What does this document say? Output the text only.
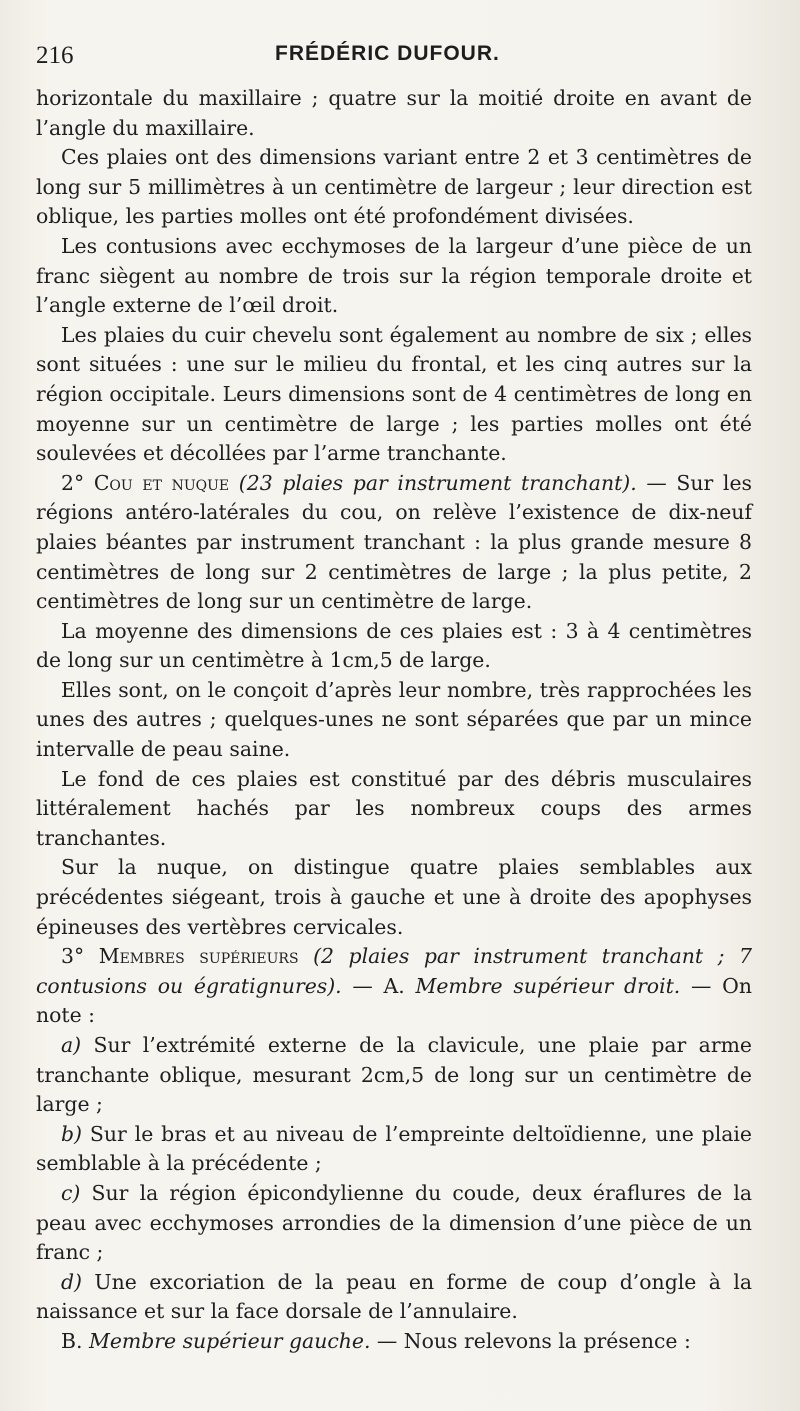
216	FRÉDÉRIC DUFOUR.

horizontale du maxillaire ; quatre sur la moitié droite en avant de l’angle du maxillaire.

Ces plaies ont des dimensions variant entre 2 et 3 centimètres de long sur 5 millimètres à un centimètre de largeur ; leur direction est oblique, les parties molles ont été profondément divisées.

Les contusions avec ecchymoses de la largeur d’une pièce de un franc siègent au nombre de trois sur la région temporale droite et l’angle externe de l’œil droit.

Les plaies du cuir chevelu sont également au nombre de six ; elles sont situées : une sur le milieu du frontal, et les cinq autres sur la région occipitale. Leurs dimensions sont de 4 centimètres de long en moyenne sur un centimètre de large ; les parties molles ont été soulevées et décollées par l’arme tranchante.

2° Cou et nuque (23 plaies par instrument tranchant). — Sur les régions antéro-latérales du cou, on relève l’existence de dix-neuf plaies béantes par instrument tranchant : la plus grande mesure 8 centimètres de long sur 2 centimètres de large ; la plus petite, 2 centimètres de long sur un centimètre de large.

La moyenne des dimensions de ces plaies est : 3 à 4 centimètres de long sur un centimètre à 1cm,5 de large.

Elles sont, on le conçoit d’après leur nombre, très rapprochées les unes des autres ; quelques-unes ne sont séparées que par un mince intervalle de peau saine.

Le fond de ces plaies est constitué par des débris musculaires littéralement hachés par les nombreux coups des armes tranchantes.

Sur la nuque, on distingue quatre plaies semblables aux précédentes siégeant, trois à gauche et une à droite des apophyses épineuses des vertèbres cervicales.

3° Membres supérieurs (2 plaies par instrument tranchant ; 7 contusions ou égratignures). — A. Membre supérieur droit. — On note :

a) Sur l’extrémité externe de la clavicule, une plaie par arme tranchante oblique, mesurant 2cm,5 de long sur un centimètre de large ;

b) Sur le bras et au niveau de l’empreinte deltoïdienne, une plaie semblable à la précédente ;

c) Sur la région épicondylienne du coude, deux éraflures de la peau avec ecchymoses arrondies de la dimension d’une pièce de un franc ;

d) Une excoriation de la peau en forme de coup d’ongle à la naissance et sur la face dorsale de l’annulaire.

B. Membre supérieur gauche. — Nous relevons la présence :
